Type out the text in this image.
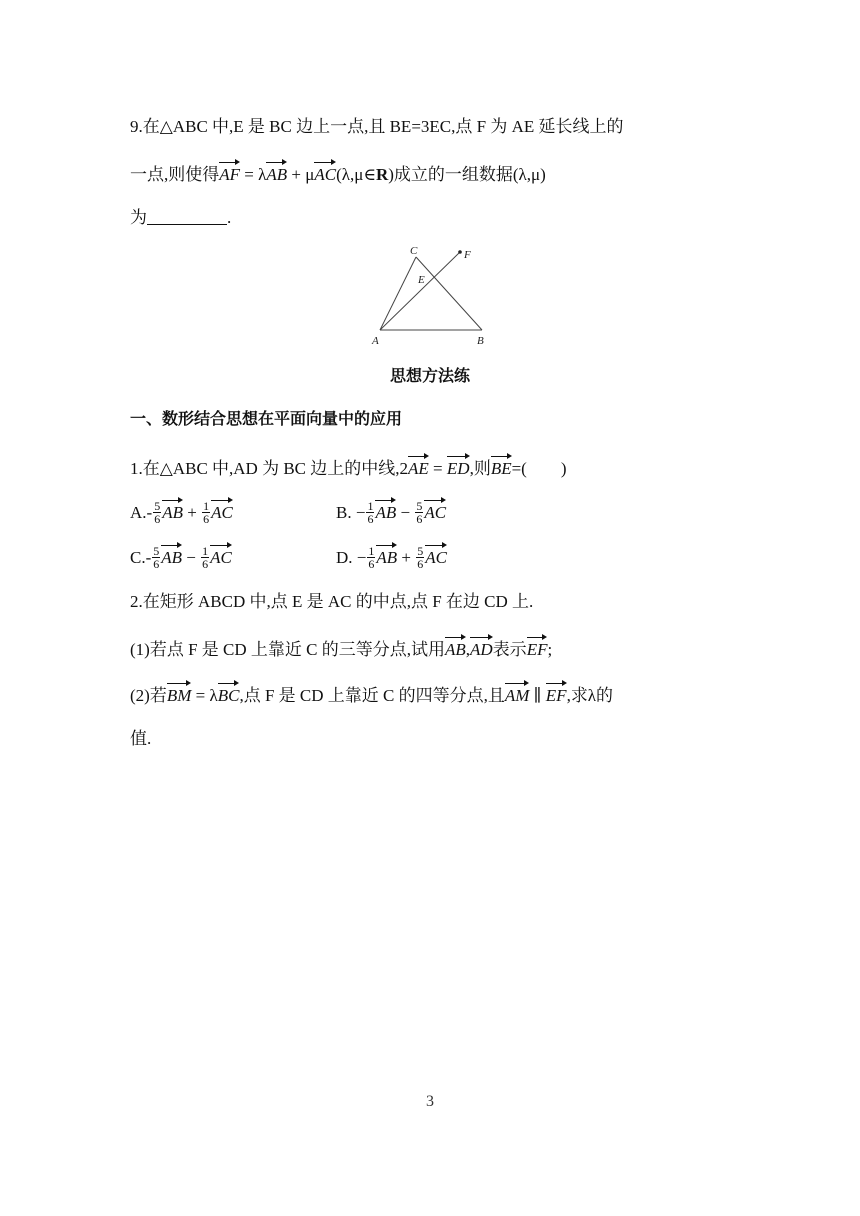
9.在△ABC 中,E 是 BC 边上一点,且 BE=3EC,点 F 为 AE 延长线上的
一点,则使得AF = λAB + μAC(λ,μ∈R)成立的一组数据(λ,μ)
为	.
A	B
C
E
F
思想方法练
一、数形结合思想在平面向量中的应用
1.在△ABC 中,AD 为 BC 边上的中线,2AE = ED,则BE=(　　)
$A.- \frac{5}{6}$ AB + $\frac{1}{6}$ AC	B. − $\frac{1}{6}$ AB − $\frac{5}{6}$ AC
$C.- \frac{5}{6}$ AB − $\frac{1}{6}$ AC	D. − $\frac{1}{6}$ AB + $\frac{5}{6}$ AC
2.在矩形 ABCD 中,点 E 是 AC 的中点,点 F 在边 CD 上.
(1)若点 F 是 CD 上靠近 C 的三等分点,试用AB,AD表示EF;
(2)若BM = λBC,点 F 是 CD 上靠近 C 的四等分点,且AM ∥ EF,求λ的
值.
3
